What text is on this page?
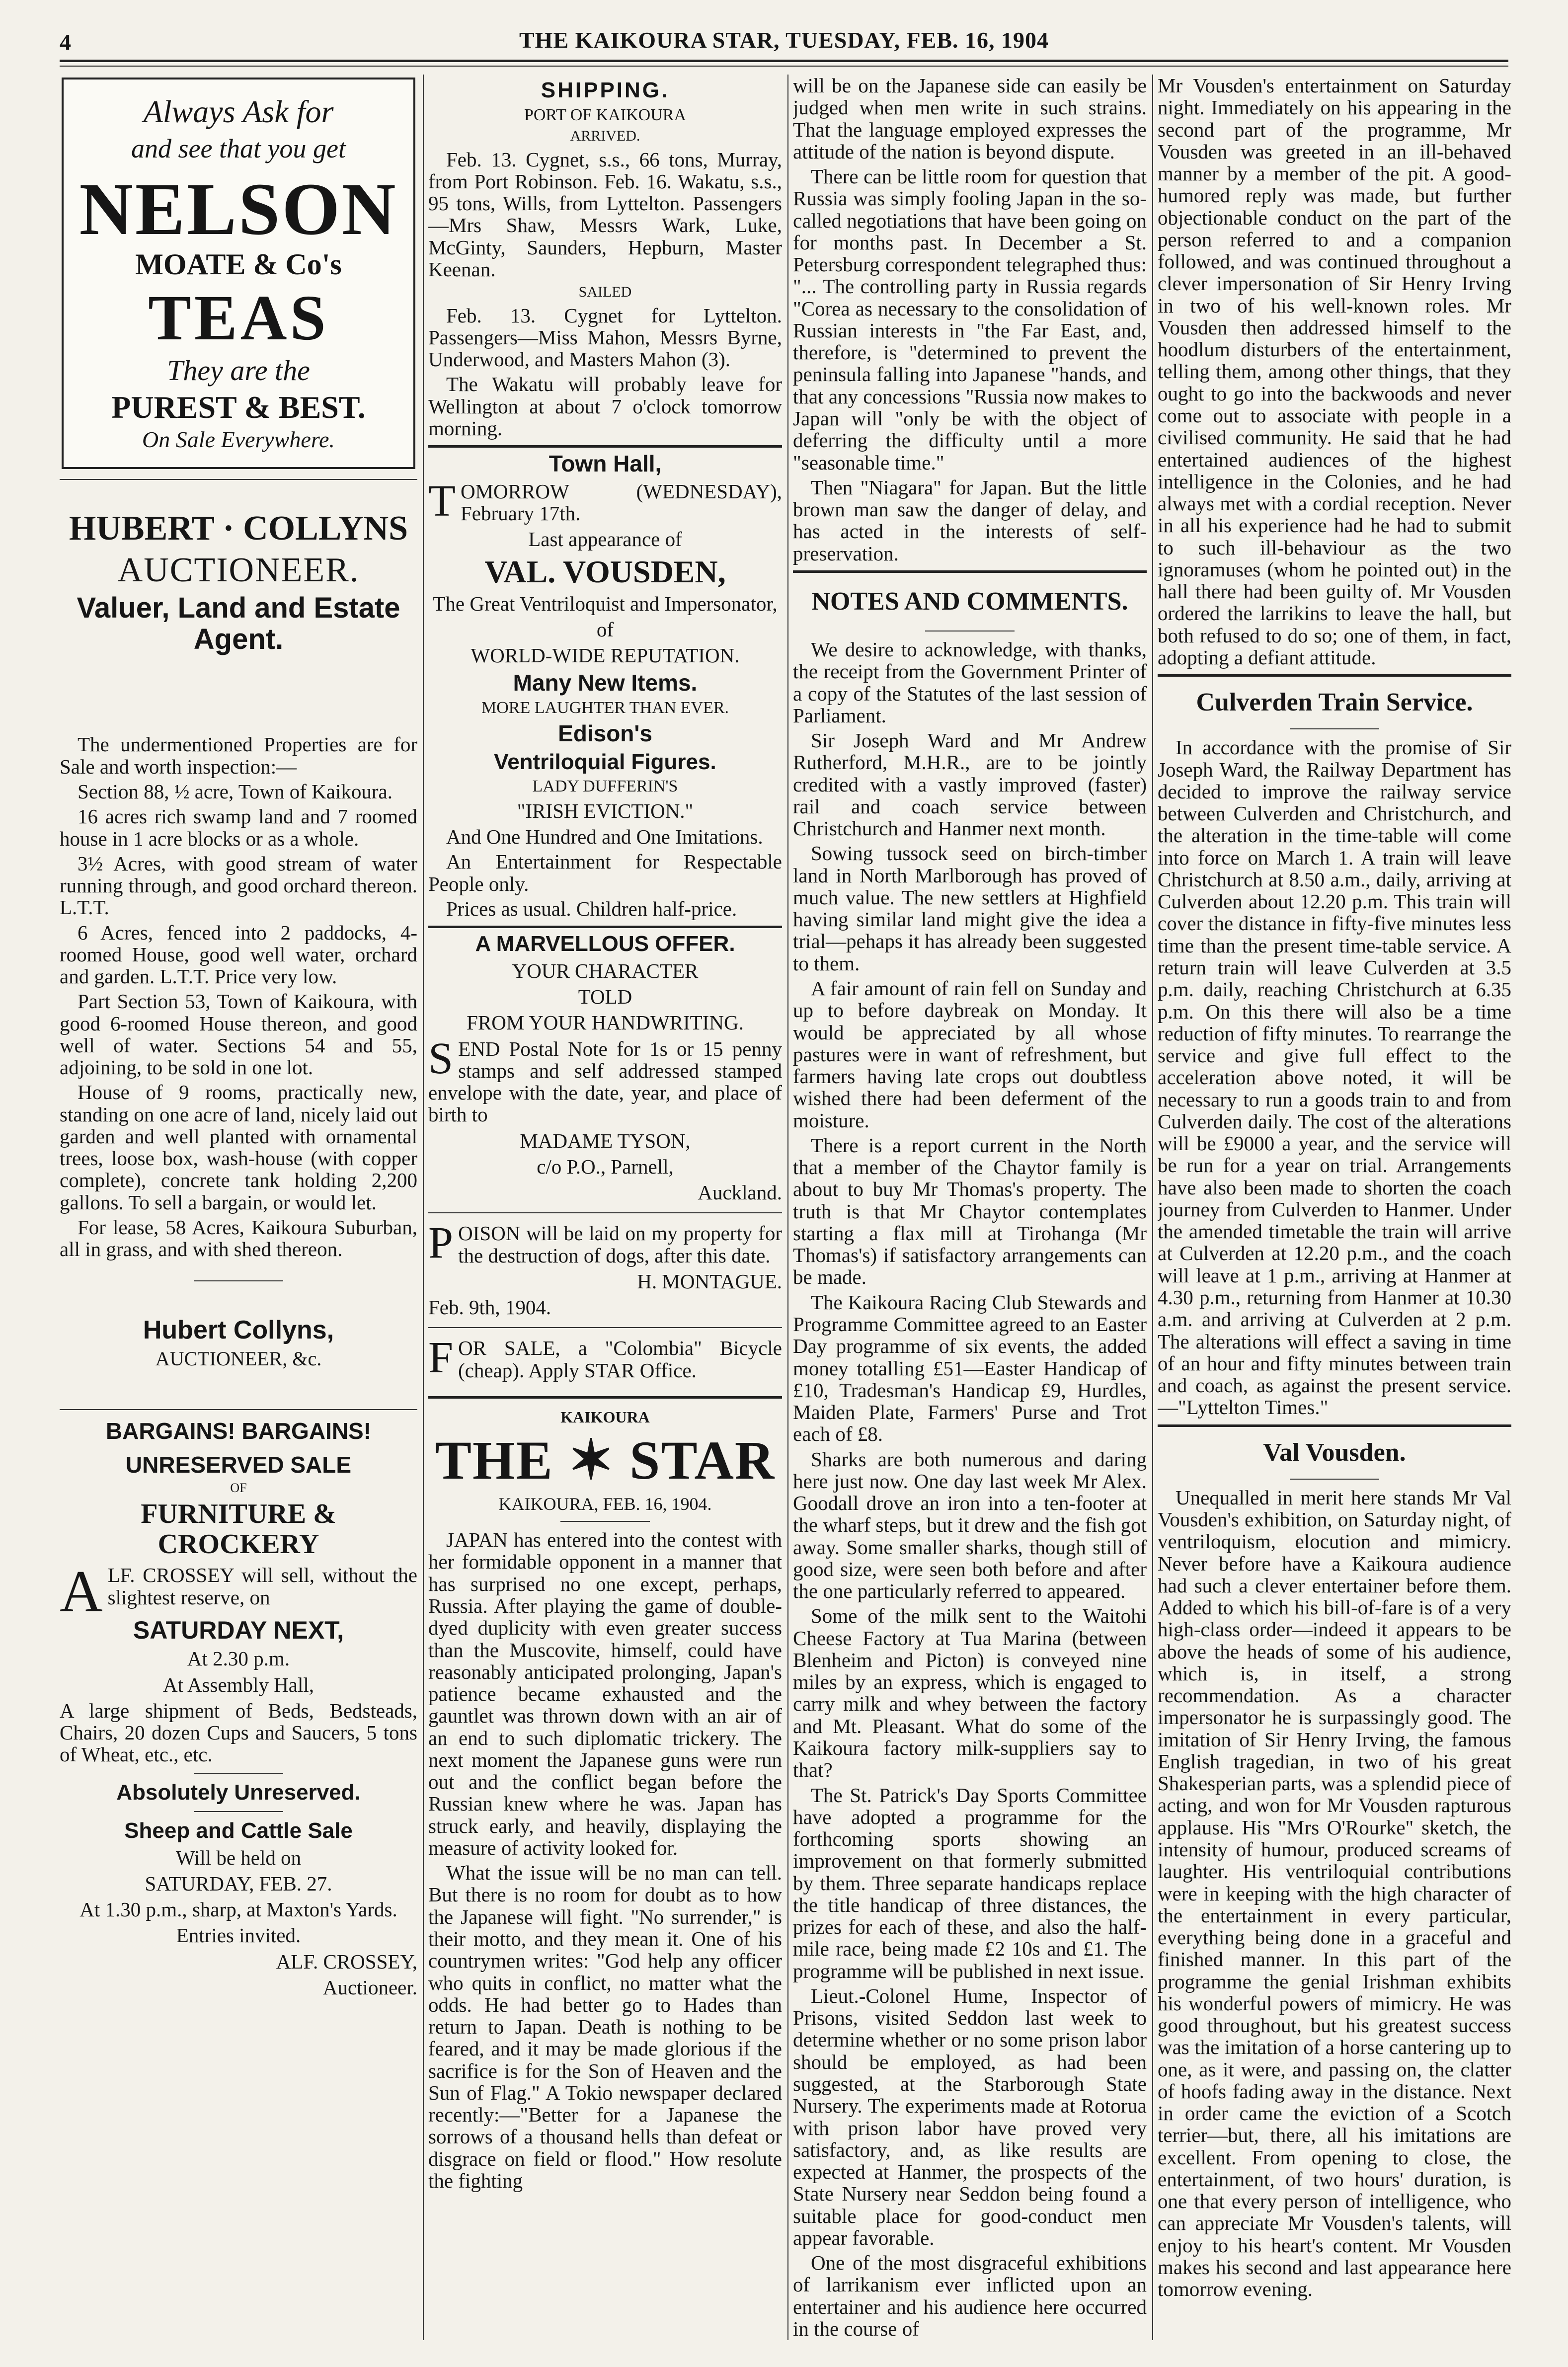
4	THE KAIKOURA STAR, TUESDAY, FEB. 16, 1904
Always Ask for
and see that you get
NELSON
MOATE & Co's
TEAS
They are the
PUREST & BEST.
On Sale Everywhere.
HUBERT · COLLYNS
AUCTIONEER.
Valuer, Land and Estate Agent.

The undermentioned Properties are for Sale and worth inspection:—

Section 88, ½ acre, Town of Kaikoura.

16 acres rich swamp land and 7 roomed house in 1 acre blocks or as a whole.

3½ Acres, with good stream of water running through, and good orchard thereon. L.T.T.

6 Acres, fenced into 2 paddocks, 4-roomed House, good well water, orchard and garden. L.T.T. Price very low.

Part Section 53, Town of Kaikoura, with good 6-roomed House thereon, and good well of water. Sections 54 and 55, adjoining, to be sold in one lot.

House of 9 rooms, practically new, standing on one acre of land, nicely laid out garden and well planted with ornamental trees, loose box, wash-house (with copper complete), concrete tank holding 2,200 gallons. To sell a bargain, or would let.

For lease, 58 Acres, Kaikoura Suburban, all in grass, and with shed thereon.

Hubert Collyns,
AUCTIONEER, &c.
BARGAINS! BARGAINS!
UNRESERVED SALE
OF
FURNITURE & CROCKERY

ALF. CROSSEY will sell, without the slightest reserve, on

SATURDAY NEXT,
At 2.30 p.m.
At Assembly Hall,

A large shipment of Beds, Bedsteads, Chairs, 20 dozen Cups and Saucers, 5 tons of Wheat, etc., etc.

Absolutely Unreserved.
Sheep and Cattle Sale
Will be held on
SATURDAY, FEB. 27.
At 1.30 p.m., sharp, at Maxton's Yards.
Entries invited.
ALF. CROSSEY,
Auctioneer.
SHIPPING.
PORT OF KAIKOURA
ARRIVED.

Feb. 13. Cygnet, s.s., 66 tons, Murray, from Port Robinson. Feb. 16. Wakatu, s.s., 95 tons, Wills, from Lyttelton. Passengers—Mrs Shaw, Messrs Wark, Luke, McGinty, Saunders, Hepburn, Master Keenan.

SAILED

Feb. 13. Cygnet for Lyttelton. Passengers—Miss Mahon, Messrs Byrne, Underwood, and Masters Mahon (3).

The Wakatu will probably leave for Wellington at about 7 o'clock tomorrow morning.

Town Hall,

TOMORROW (WEDNESDAY), February 17th.

Last appearance of
VAL. VOUSDEN,
The Great Ventriloquist and Impersonator,
of
WORLD-WIDE REPUTATION.
Many New Items.
MORE LAUGHTER THAN EVER.
Edison's
Ventriloquial Figures.
LADY DUFFERIN'S
"IRISH EVICTION."

And One Hundred and One Imitations.

An Entertainment for Respectable People only.

Prices as usual. Children half-price.

A MARVELLOUS OFFER.
YOUR CHARACTER
TOLD
FROM YOUR HANDWRITING.

SEND Postal Note for 1s or 15 penny stamps and self addressed stamped envelope with the date, year, and place of birth to

MADAME TYSON,
c/o P.O., Parnell,
Auckland.

POISON will be laid on my property for the destruction of dogs, after this date.

H. MONTAGUE.

Feb. 9th, 1904.

FOR SALE, a "Colombia" Bicycle (cheap). Apply STAR Office.

KAIKOURA
THE ✶ STAR
KAIKOURA, FEB. 16, 1904.

JAPAN has entered into the contest with her formidable opponent in a manner that has surprised no one except, perhaps, Russia. After playing the game of double-dyed duplicity with even greater success than the Muscovite, himself, could have reasonably anticipated prolonging, Japan's patience became exhausted and the gauntlet was thrown down with an air of an end to such diplomatic trickery. The next moment the Japanese guns were run out and the conflict began before the Russian knew where he was. Japan has struck early, and heavily, displaying the measure of activity looked for.

What the issue will be no man can tell. But there is no room for doubt as to how the Japanese will fight. "No surrender," is their motto, and they mean it. One of his countrymen writes: "God help any officer who quits in conflict, no matter what the odds. He had better go to Hades than return to Japan. Death is nothing to be feared, and it may be made glorious if the sacrifice is for the Son of Heaven and the Sun of Flag." A Tokio newspaper declared recently:—"Better for a Japanese the sorrows of a thousand hells than defeat or disgrace on field or flood." How resolute the fighting

will be on the Japanese side can easily be judged when men write in such strains. That the language employed expresses the attitude of the nation is beyond dispute.

There can be little room for question that Russia was simply fooling Japan in the so-called negotiations that have been going on for months past. In December a St. Petersburg correspondent telegraphed thus: "... The controlling party in Russia regards "Corea as necessary to the consolidation of Russian interests in "the Far East, and, therefore, is "determined to prevent the peninsula falling into Japanese "hands, and that any concessions "Russia now makes to Japan will "only be with the object of deferring the difficulty until a more "seasonable time."

Then "Niagara" for Japan. But the little brown man saw the danger of delay, and has acted in the interests of self-preservation.

NOTES AND COMMENTS.

We desire to acknowledge, with thanks, the receipt from the Government Printer of a copy of the Statutes of the last session of Parliament.

Sir Joseph Ward and Mr Andrew Rutherford, M.H.R., are to be jointly credited with a vastly improved (faster) rail and coach service between Christchurch and Hanmer next month.

Sowing tussock seed on birch-timber land in North Marlborough has proved of much value. The new settlers at Highfield having similar land might give the idea a trial—pehaps it has already been suggested to them.

A fair amount of rain fell on Sunday and up to before daybreak on Monday. It would be appreciated by all whose pastures were in want of refreshment, but farmers having late crops out doubtless wished there had been deferment of the moisture.

There is a report current in the North that a member of the Chaytor family is about to buy Mr Thomas's property. The truth is that Mr Chaytor contemplates starting a flax mill at Tirohanga (Mr Thomas's) if satisfactory arrangements can be made.

The Kaikoura Racing Club Stewards and Programme Committee agreed to an Easter Day programme of six events, the added money totalling £51—Easter Handicap of £10, Tradesman's Handicap £9, Hurdles, Maiden Plate, Farmers' Purse and Trot each of £8.

Sharks are both numerous and daring here just now. One day last week Mr Alex. Goodall drove an iron into a ten-footer at the wharf steps, but it drew and the fish got away. Some smaller sharks, though still of good size, were seen both before and after the one particularly referred to appeared.

Some of the milk sent to the Waitohi Cheese Factory at Tua Marina (between Blenheim and Picton) is conveyed nine miles by an express, which is engaged to carry milk and whey between the factory and Mt. Pleasant. What do some of the Kaikoura factory milk-suppliers say to that?

The St. Patrick's Day Sports Committee have adopted a programme for the forthcoming sports showing an improvement on that formerly submitted by them. Three separate handicaps replace the title handicap of three distances, the prizes for each of these, and also the half-mile race, being made £2 10s and £1. The programme will be published in next issue.

Lieut.-Colonel Hume, Inspector of Prisons, visited Seddon last week to determine whether or no some prison labor should be employed, as had been suggested, at the Starborough State Nursery. The experiments made at Rotorua with prison labor have proved very satisfactory, and, as like results are expected at Hanmer, the prospects of the State Nursery near Seddon being found a suitable place for good-conduct men appear favorable.

One of the most disgraceful exhibitions of larrikanism ever inflicted upon an entertainer and his audience here occurred in the course of

Mr Vousden's entertainment on Saturday night. Immediately on his appearing in the second part of the programme, Mr Vousden was greeted in an ill-behaved manner by a member of the pit. A good-humored reply was made, but further objectionable conduct on the part of the person referred to and a companion followed, and was continued throughout a clever impersonation of Sir Henry Irving in two of his well-known roles. Mr Vousden then addressed himself to the hoodlum disturbers of the entertainment, telling them, among other things, that they ought to go into the backwoods and never come out to associate with people in a civilised community. He said that he had entertained audiences of the highest intelligence in the Colonies, and he had always met with a cordial reception. Never in all his experience had he had to submit to such ill-behaviour as the two ignoramuses (whom he pointed out) in the hall there had been guilty of. Mr Vousden ordered the larrikins to leave the hall, but both refused to do so; one of them, in fact, adopting a defiant attitude.

Culverden Train Service.

In accordance with the promise of Sir Joseph Ward, the Railway Department has decided to improve the railway service between Culverden and Christchurch, and the alteration in the time-table will come into force on March 1. A train will leave Christchurch at 8.50 a.m., daily, arriving at Culverden about 12.20 p.m. This train will cover the distance in fifty-five minutes less time than the present time-table service. A return train will leave Culverden at 3.5 p.m. daily, reaching Christchurch at 6.35 p.m. On this there will also be a time reduction of fifty minutes. To rearrange the service and give full effect to the acceleration above noted, it will be necessary to run a goods train to and from Culverden daily. The cost of the alterations will be £9000 a year, and the service will be run for a year on trial. Arrangements have also been made to shorten the coach journey from Culverden to Hanmer. Under the amended timetable the train will arrive at Culverden at 12.20 p.m., and the coach will leave at 1 p.m., arriving at Hanmer at 4.30 p.m., returning from Hanmer at 10.30 a.m. and arriving at Culverden at 2 p.m. The alterations will effect a saving in time of an hour and fifty minutes between train and coach, as against the present service.—"Lyttelton Times."

Val Vousden.

Unequalled in merit here stands Mr Val Vousden's exhibition, on Saturday night, of ventriloquism, elocution and mimicry. Never before have a Kaikoura audience had such a clever entertainer before them. Added to which his bill-of-fare is of a very high-class order—indeed it appears to be above the heads of some of his audience, which is, in itself, a strong recommendation. As a character impersonator he is surpassingly good. The imitation of Sir Henry Irving, the famous English tragedian, in two of his great Shakesperian parts, was a splendid piece of acting, and won for Mr Vousden rapturous applause. His "Mrs O'Rourke" sketch, the intensity of humour, produced screams of laughter. His ventriloquial contributions were in keeping with the high character of the entertainment in every particular, everything being done in a graceful and finished manner. In this part of the programme the genial Irishman exhibits his wonderful powers of mimicry. He was good throughout, but his greatest success was the imitation of a horse cantering up to one, as it were, and passing on, the clatter of hoofs fading away in the distance. Next in order came the eviction of a Scotch terrier—but, there, all his imitations are excellent. From opening to close, the entertainment, of two hours' duration, is one that every person of intelligence, who can appreciate Mr Vousden's talents, will enjoy to his heart's content. Mr Vousden makes his second and last appearance here tomorrow evening.
